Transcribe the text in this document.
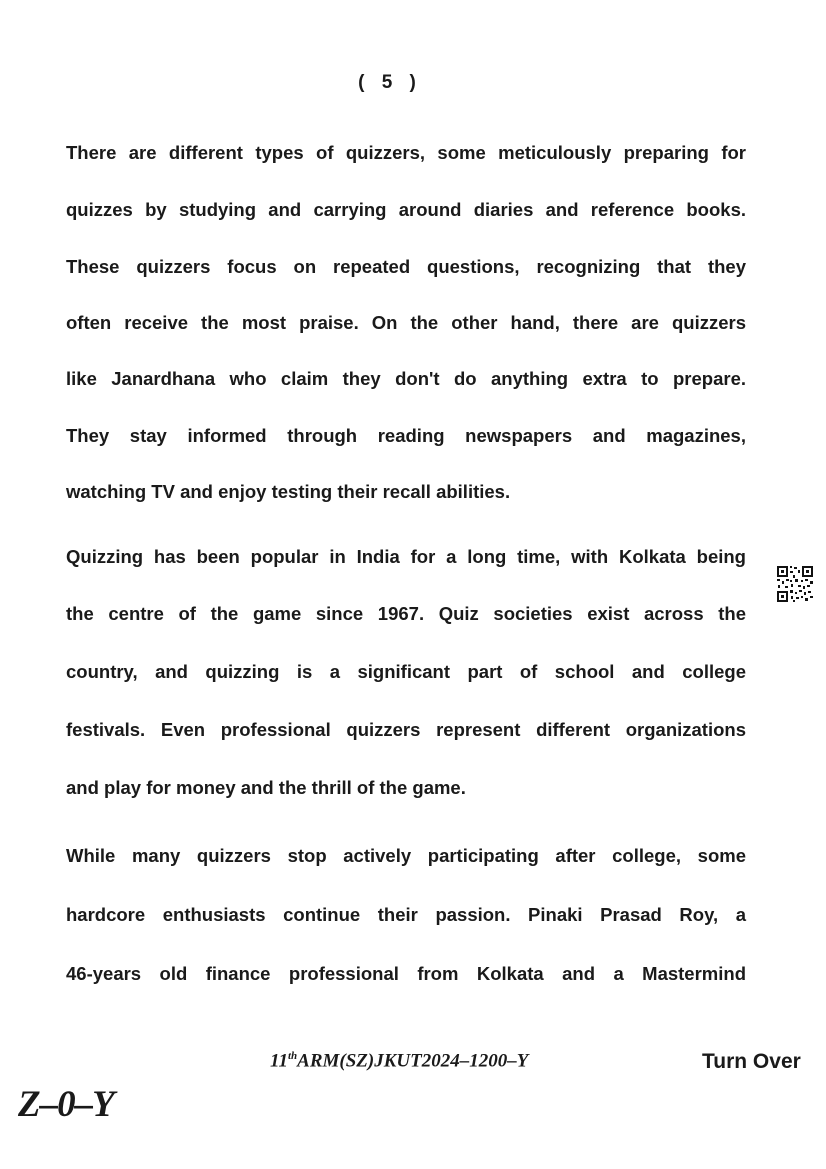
( 5 )
There are different types of quizzers, some meticulously preparing for
quizzes by studying and carrying around diaries and reference books.
These quizzers focus on repeated questions, recognizing that they
often receive the most praise. On the other hand, there are quizzers
like Janardhana who claim they don't do anything extra to prepare.
They stay informed through reading newspapers and magazines,
watching TV and enjoy testing their recall abilities.
Quizzing has been popular in India for a long time, with Kolkata being
the centre of the game since 1967. Quiz societies exist across the
country, and quizzing is a significant part of school and college
festivals. Even professional quizzers represent different organizations
and play for money and the thrill of the game.
While many quizzers stop actively participating after college, some
hardcore enthusiasts continue their passion. Pinaki Prasad Roy, a
46-years old finance professional from Kolkata and a Mastermind
11thARM(SZ)JKUT2024–1200–Y	Turn Over
Z–0–Y
